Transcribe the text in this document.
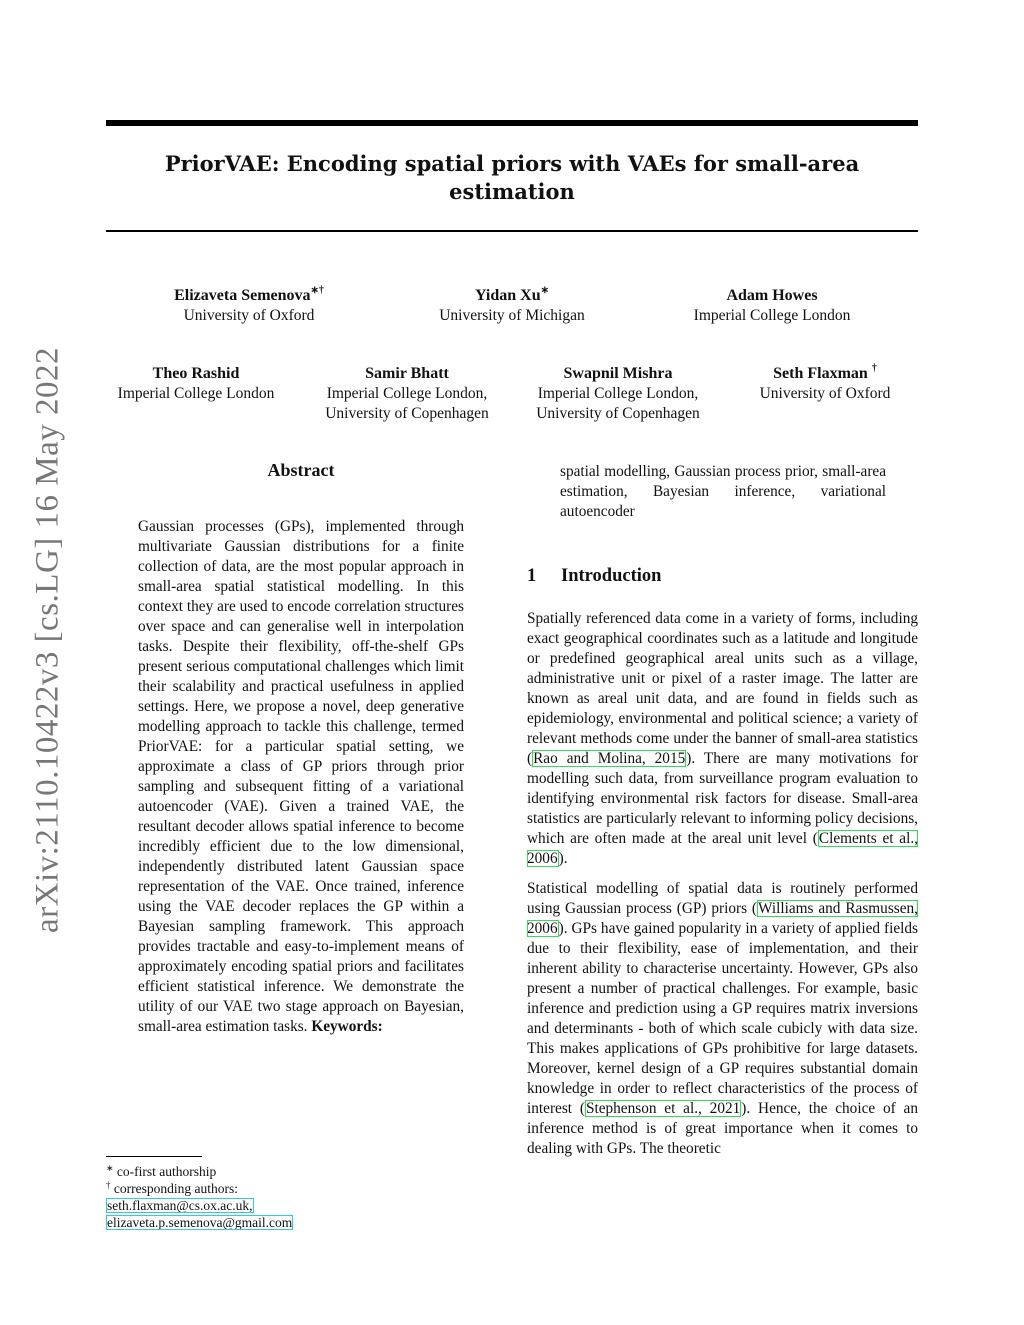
arXiv:2110.10422v3 [cs.LG] 16 May 2022
PriorVAE: Encoding spatial priors with VAEs for small-area estimation
Elizaveta Semenova∗†
University of Oxford
Yidan Xu∗
University of Michigan
Adam Howes
Imperial College London
Theo Rashid
Imperial College London
Samir Bhatt
Imperial College London,
University of Copenhagen
Swapnil Mishra
Imperial College London,
University of Copenhagen
Seth Flaxman †
University of Oxford
Abstract
Gaussian processes (GPs), implemented through multivariate Gaussian distributions for a finite collection of data, are the most popular approach in small-area spatial statistical modelling. In this context they are used to encode correlation structures over space and can generalise well in interpolation tasks. Despite their flexibility, off-the-shelf GPs present serious computational challenges which limit their scalability and practical usefulness in applied settings. Here, we propose a novel, deep generative modelling approach to tackle this challenge, termed PriorVAE: for a particular spatial setting, we approximate a class of GP priors through prior sampling and subsequent fitting of a variational autoencoder (VAE). Given a trained VAE, the resultant decoder allows spatial inference to become incredibly efficient due to the low dimensional, independently distributed latent Gaussian space representation of the VAE. Once trained, inference using the VAE decoder replaces the GP within a Bayesian sampling framework. This approach provides tractable and easy-to-implement means of approximately encoding spatial priors and facilitates efficient statistical inference. We demonstrate the utility of our VAE two stage approach on Bayesian, small-area estimation tasks. Keywords:
spatial modelling, Gaussian process prior, small-area estimation, Bayesian inference, variational autoencoder
1 Introduction

Spatially referenced data come in a variety of forms, including exact geographical coordinates such as a latitude and longitude or predefined geographical areal units such as a village, administrative unit or pixel of a raster image. The latter are known as areal unit data, and are found in fields such as epidemiology, environmental and political science; a variety of relevant methods come under the banner of small-area statistics (Rao and Molina, 2015). There are many motivations for modelling such data, from surveillance program evaluation to identifying environmental risk factors for disease. Small-area statistics are particularly relevant to informing policy decisions, which are often made at the areal unit level (Clements et al., 2006).

Statistical modelling of spatial data is routinely performed using Gaussian process (GP) priors (Williams and Rasmussen, 2006). GPs have gained popularity in a variety of applied fields due to their flexibility, ease of implementation, and their inherent ability to characterise uncertainty. However, GPs also present a number of practical challenges. For example, basic inference and prediction using a GP requires matrix inversions and determinants - both of which scale cubicly with data size. This makes applications of GPs prohibitive for large datasets. Moreover, kernel design of a GP requires substantial domain knowledge in order to reflect characteristics of the process of interest (Stephenson et al., 2021). Hence, the choice of an inference method is of great importance when it comes to dealing with GPs. The theoretic

∗ co-first authorship
† corresponding authors:
seth.flaxman@cs.ox.ac.uk,
elizaveta.p.semenova@gmail.com
